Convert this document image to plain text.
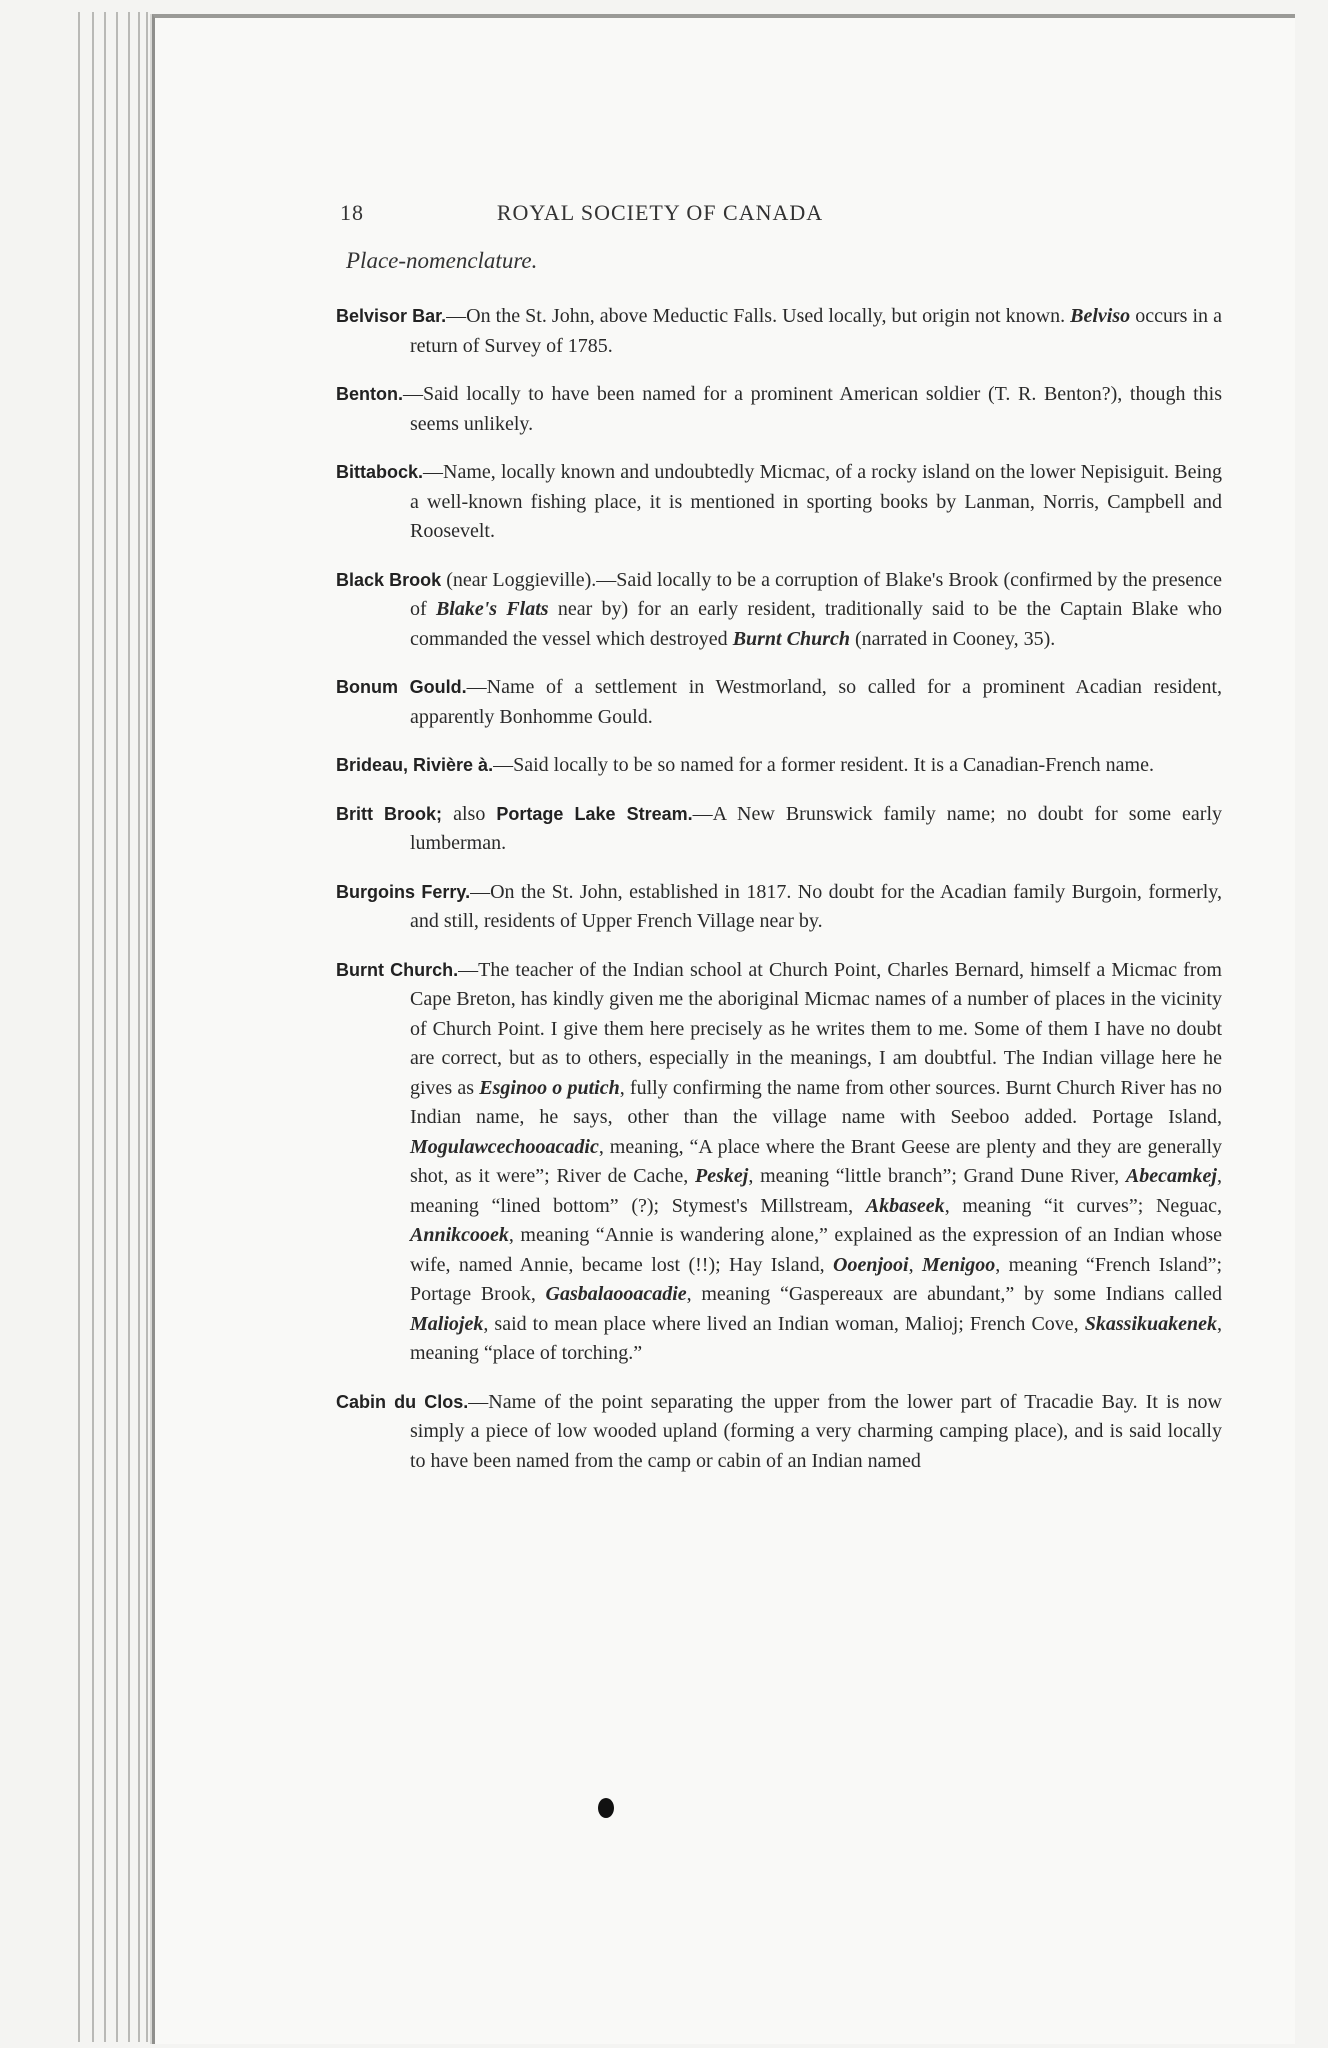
18	ROYAL SOCIETY OF CANADA
Place-nomenclature.

Belvisor Bar.—On the St. John, above Meductic Falls. Used locally, but origin not known. Belviso occurs in a return of Survey of 1785.

Benton.—Said locally to have been named for a prominent American soldier (T. R. Benton?), though this seems unlikely.

Bittabock.—Name, locally known and undoubtedly Micmac, of a rocky island on the lower Nepisiguit. Being a well-known fishing place, it is mentioned in sporting books by Lanman, Norris, Campbell and Roosevelt.

Black Brook (near Loggieville).—Said locally to be a corruption of Blake's Brook (confirmed by the presence of Blake's Flats near by) for an early resident, traditionally said to be the Captain Blake who commanded the vessel which destroyed Burnt Church (narrated in Cooney, 35).

Bonum Gould.—Name of a settlement in Westmorland, so called for a prominent Acadian resident, apparently Bonhomme Gould.

Brideau, Rivière à.—Said locally to be so named for a former resident. It is a Canadian-French name.

Britt Brook; also Portage Lake Stream.—A New Brunswick family name; no doubt for some early lumberman.

Burgoins Ferry.—On the St. John, established in 1817. No doubt for the Acadian family Burgoin, formerly, and still, residents of Upper French Village near by.

Burnt Church.—The teacher of the Indian school at Church Point, Charles Bernard, himself a Micmac from Cape Breton, has kindly given me the aboriginal Micmac names of a number of places in the vicinity of Church Point. I give them here precisely as he writes them to me. Some of them I have no doubt are correct, but as to others, especially in the meanings, I am doubtful. The Indian village here he gives as Esginoo o putich, fully confirming the name from other sources. Burnt Church River has no Indian name, he says, other than the village name with Seeboo added. Portage Island, Mogulawcechooacadic, meaning, “A place where the Brant Geese are plenty and they are generally shot, as it were”; River de Cache, Peskej, meaning “little branch”; Grand Dune River, Abecamkej, meaning “lined bottom” (?); Stymest's Millstream, Akbaseek, meaning “it curves”; Neguac, Annikcooek, meaning “Annie is wandering alone,” explained as the expression of an Indian whose wife, named Annie, became lost (!!); Hay Island, Ooenjooi, Menigoo, meaning “French Island”; Portage Brook, Gasbalaooacadie, meaning “Gaspereaux are abundant,” by some Indians called Maliojek, said to mean place where lived an Indian woman, Malioj; French Cove, Skassikuakenek, meaning “place of torching.”

Cabin du Clos.—Name of the point separating the upper from the lower part of Tracadie Bay. It is now simply a piece of low wooded upland (forming a very charming camping place), and is said locally to have been named from the camp or cabin of an Indian named
